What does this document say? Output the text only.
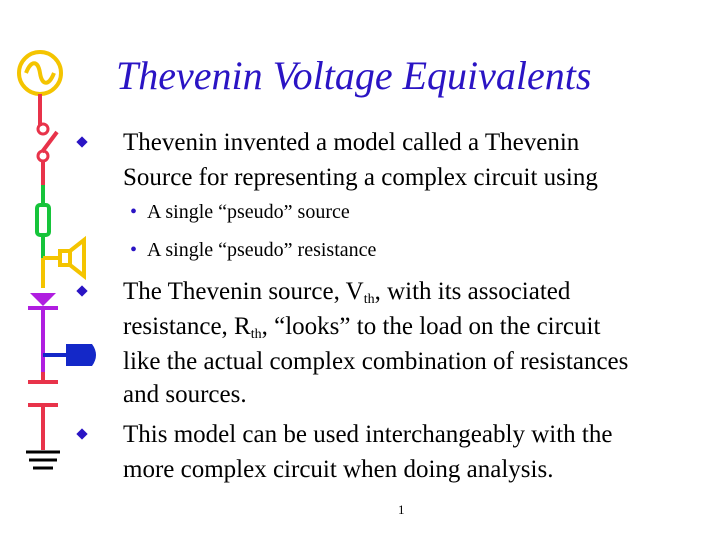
Thevenin Voltage Equivalents
Thevenin invented a model called a Thevenin
Source for representing a complex circuit using
• A single “pseudo” source
• A single “pseudo” resistance
The Thevenin source, $V_{th}$, with its associated
resistance, $R_{th}$, “looks” to the load on the circuit
like the actual complex combination of resistances
and sources.
This model can be used interchangeably with the
more complex circuit when doing analysis.
1
